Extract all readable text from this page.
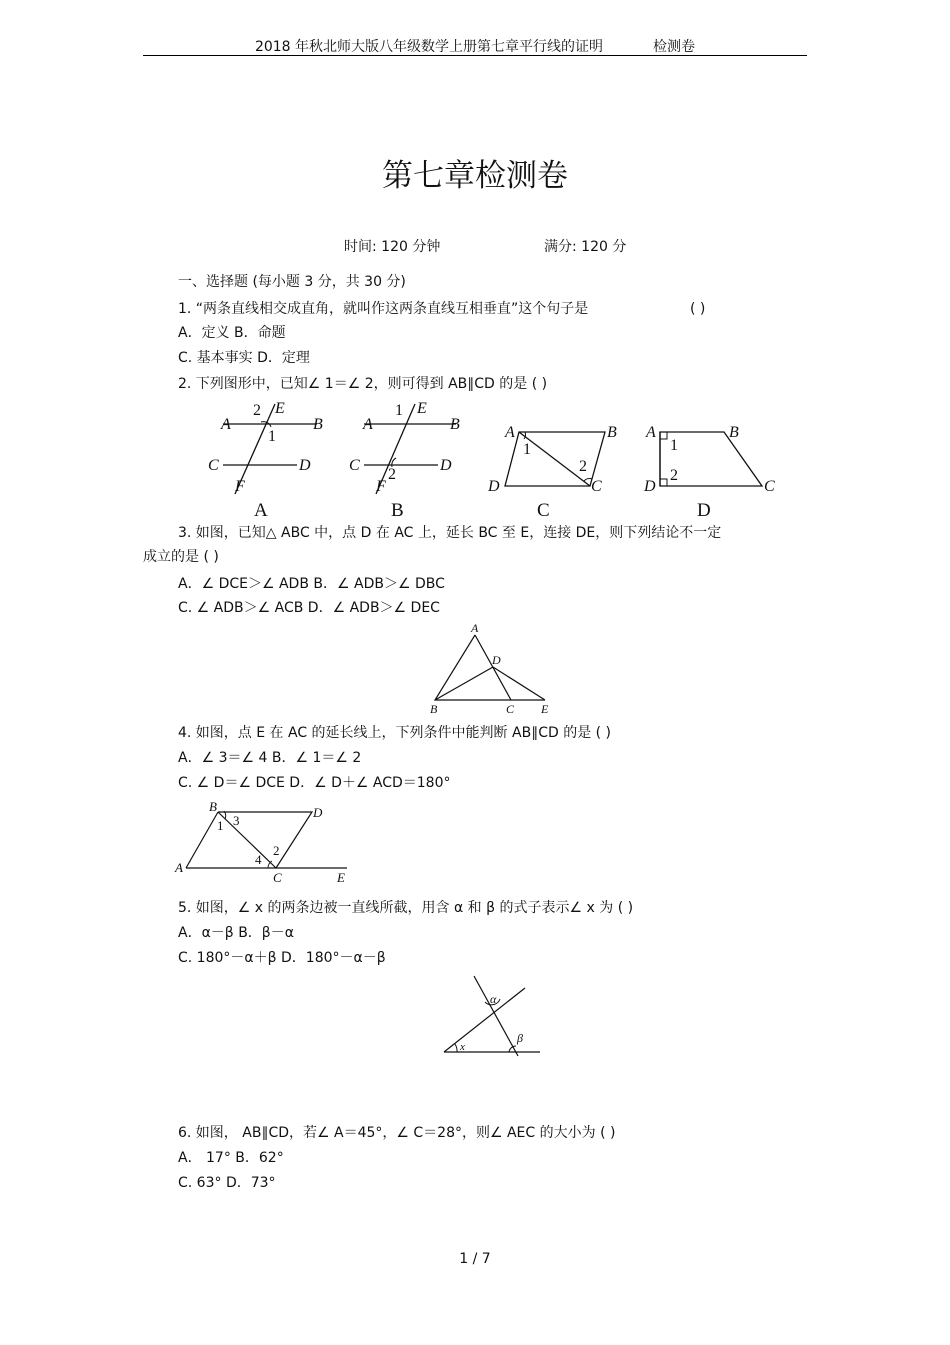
2018 年秋北师大版八年级数学上册第七章平行线的证明	检测卷
第七章检测卷
时间: 120 分钟	满分: 120 分
一、选择题 (每小题 3 分，共 30 分)
1. “两条直线相交成直角，就叫作这两条直线互相垂直”这个句子是	( )
A．定义 B．命题
C. 基本事实 D．定理
2. 下列图形中，已知∠ 1＝∠ 2，则可得到 AB∥CD 的是 ( )
A
2 E
B
1
C	D
F
A
A
1 E
B
C
2
D
F
B
A	B
1
2
D	C
C
A	B
1
2
D	C
D
3. 如图，已知△ ABC 中，点 D 在 AC 上，延长 BC 至 E，连接 DE，则下列结论不一定
成立的是 ( )
A．∠ DCE＞∠ ADB B．∠ ADB＞∠ DBC
C. ∠ ADB＞∠ ACB D．∠ ADB＞∠ DEC
A
D
B	C E
4. 如图，点 E 在 AC 的延长线上，下列条件中能判断 AB∥CD 的是 ( )
A．∠ 3＝∠ 4 B．∠ 1＝∠ 2
C. ∠ D＝∠ DCE D．∠ D＋∠ ACD＝180°
B	D
1 3
2
4
A
C	E
5. 如图，∠ x 的两条边被一直线所截，用含 α 和 β 的式子表示∠ x 为 ( )
A．α－β B．β－α
C. 180°－α＋β D．180°－α－β
α
β
x
6. 如图， AB∥CD，若∠ A＝45°，∠ C＝28°，则∠ AEC 的大小为 ( )
A． 17° B．62°
C. 63° D．73°
1 / 7
